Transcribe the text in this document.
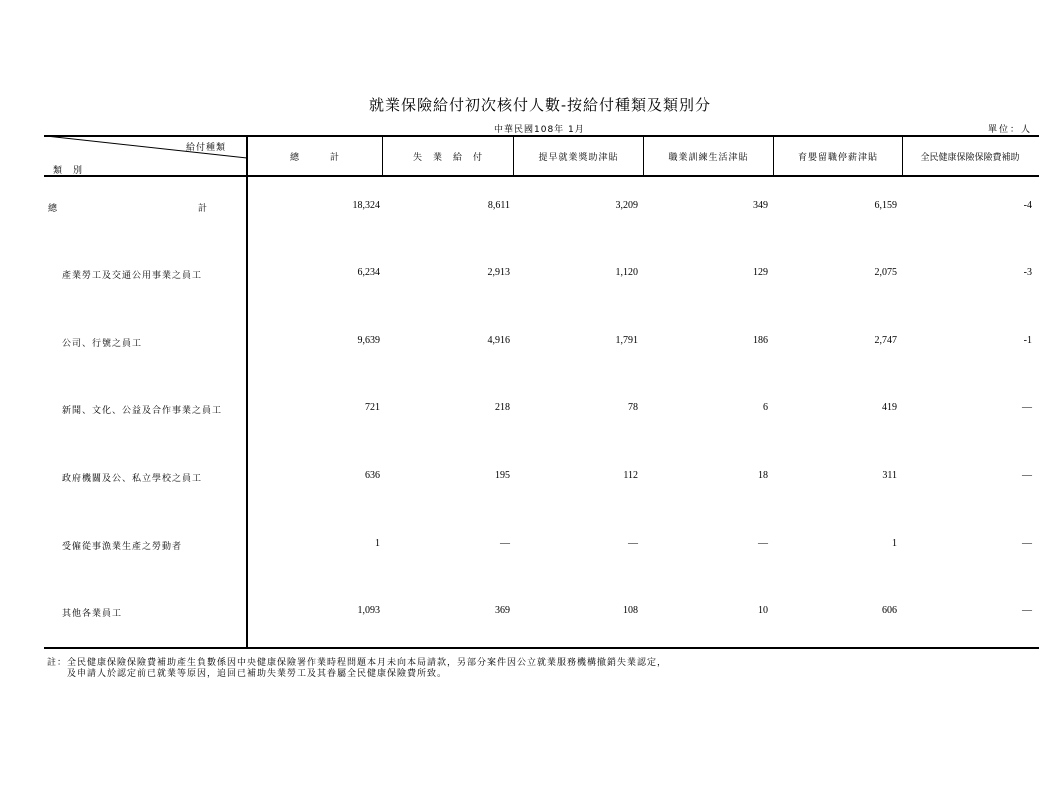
就業保險給付初次核付人數-按給付種類及類別分
中華民國108年 1月	單位：人
給付種類
類　別
總　　　計	失　業　給　付	提早就業獎助津貼	職業訓練生活津貼	育嬰留職停薪津貼	全民健康保險保險費補助
總　　　　　　　　　　　　　　計	18,324	8,611	3,209	349	6,159	-4
產業勞工及交通公用事業之員工	6,234	2,913	1,120	129	2,075	-3
公司、行號之員工	9,639	4,916	1,791	186	2,747	-1
新聞、文化、公益及合作事業之員工	721	218	78	6	419	—
政府機關及公、私立學校之員工	636	195	112	18	311	—
受僱從事漁業生產之勞動者	1	—	—	—	1	—
其他各業員工	1,093	369	108	10	606	—
註：全民健康保險保險費補助產生負數係因中央健康保險署作業時程問題本月未向本局請款，另部分案件因公立就業服務機構撤銷失業認定，
　　及申請人於認定前已就業等原因，追回已補助失業勞工及其眷屬全民健康保險費所致。
